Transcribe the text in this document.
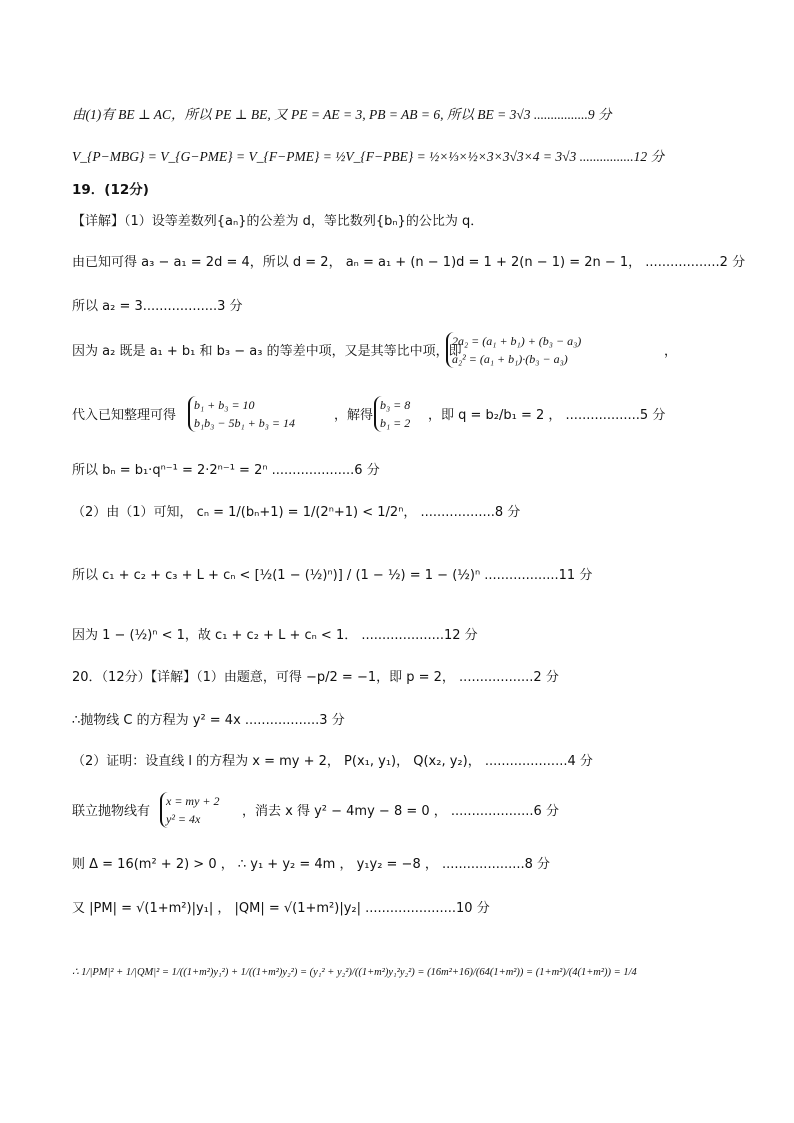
由(1)有 BE ⊥ AC，所以 PE ⊥ BE, 又 PE = AE = 3, PB = AB = 6, 所以 BE = 3√3 ................9 分
V_{P−MBG} = V_{G−PME} = V_{F−PME} = ½V_{F−PBE} = ½×⅓×½×3×3√3×4 = 3√3 ................12 分
19．(12分)
【详解】（1）设等差数列{aₙ}的公差为 d，等比数列{bₙ}的公比为 q．
由已知可得 a₃ − a₁ = 2d = 4，所以 d = 2， aₙ = a₁ + (n − 1)d = 1 + 2(n − 1) = 2n − 1， ..................2 分
所以 a₂ = 3..................3 分
因为 a₂ 既是 a₁ + b₁ 和 b₃ − a₃ 的等差中项，又是其等比中项，即
2a₂ = (a₁ + b₁) + (b₃ − a₃)
a₂² = (a₁ + b₁)·(b₃ − a₃)	，
代入已知整理可得
b₁ + b₃ = 10
b₁b₃ − 5b₁ + b₃ = 14	，解得
b₃ = 8
b₁ = 2 ，即 q = b₂/b₁ = 2 ， ..................5 分
所以 bₙ = b₁·qⁿ⁻¹ = 2·2ⁿ⁻¹ = 2ⁿ ....................6 分
（2）由（1）可知， cₙ = 1/(bₙ+1) = 1/(2ⁿ+1) < 1/2ⁿ， ..................8 分
所以 c₁ + c₂ + c₃ + L + cₙ < [½(1 − (½)ⁿ)] / (1 − ½) = 1 − (½)ⁿ ..................11 分
因为 1 − (½)ⁿ < 1，故 c₁ + c₂ + L + cₙ < 1． ....................12 分
20．（12分）【详解】（1）由题意，可得 −p/2 = −1，即 p = 2， ..................2 分
∴抛物线 C 的方程为 y² = 4x ..................3 分
（2）证明：设直线 l 的方程为 x = my + 2， P(x₁, y₁)， Q(x₂, y₂)， ....................4 分
联立抛物线有
x = my + 2
y² = 4x	，消去 x 得 y² − 4my − 8 = 0 ， ....................6 分
则 Δ = 16(m² + 2) > 0 ， ∴ y₁ + y₂ = 4m ， y₁y₂ = −8 ， ....................8 分
又 |PM| = √(1+m²)|y₁| ， |QM| = √(1+m²)|y₂| ......................10 分
∴ 1/|PM|² + 1/|QM|² = 1/((1+m²)y₁²) + 1/((1+m²)y₂²) = (y₁² + y₂²)/((1+m²)y₁²y₂²) = (16m²+16)/(64(1+m²)) = (1+m²)/(4(1+m²)) = 1/4
